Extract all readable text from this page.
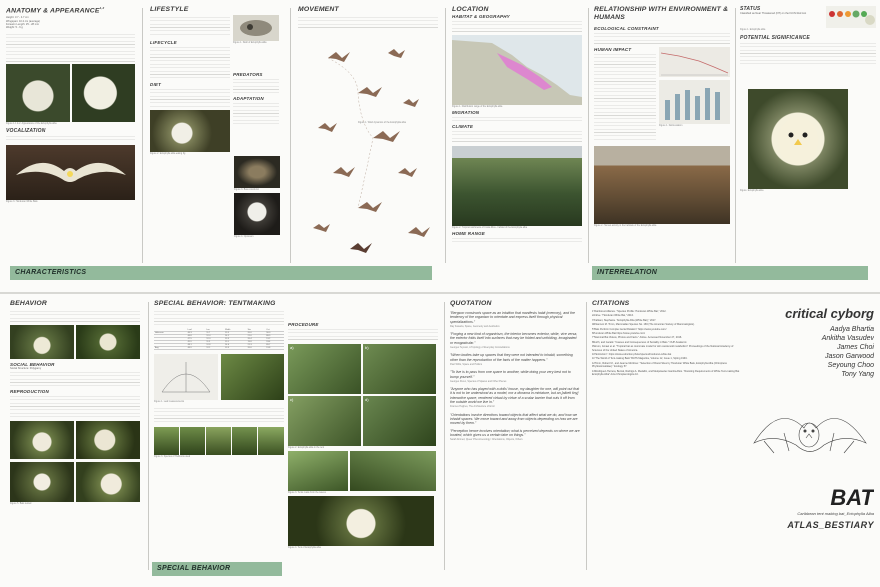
ANATOMY & APPEARANCE$^{1,2}$
Height: 3.7 - 4.7 cm
Wingspan: 10.2 cm (average)
Forearm Length: 25 - 28 mm
Weight: 5 - 6 g
Figure 1.1 & 2. Appearance of the Ectophylla alba
VOCALIZATION
Figure 3. Honduran White Bats
LIFESTYLE
LIFECYCLE
DIET
Figure 2. Ectophylla alba eating fig
Figure 1. Skull of Ectophylla alba
PREDATORS
ADAPTATION
Figure 3. Boa constrictor
Figure 4. Opossum
MOVEMENT
Figure 1. Wind dynamics of the Ectophylla alba
LOCATION
HABITAT & GEOGRAPHY
Figure 1. Distribution range of the Ectophylla alba
MIGRATION
CLIMATE
Figure 2. Tropical rainforests of Costa Rica - habitat of the Ectophylla alba
HOME RANGE
RELATIONSHIP WITH ENVIRONMENT & HUMANS
ECOLOGICAL CONSTRAINT
HUMAN IMPACT
Figure 1. Deforestation
Figure 2. Human activity in the habitats of the Ectophylla alba
STATUS
Classified as Near Threatened (NT) on the IUCN Red List
Figure 1. Ectophylla alba
POTENTIAL SIGNIFICANCE
Figure. Ectophylla alba
CHARACTERISTICS	INTERRELATION
BEHAVIOR
SOCIAL BEHAVIOR
Social Structure: Polygamy
REPRODUCTION
Figure 5. Bats tented
SPECIAL BEHAVIOR: TENTMAKING
	Leaf	Len	Width	Sta	Cut
Heliconia	46.3	11.7	13.5	20.6	96.0
	46.8	12.4	14.2	21.0	88.9
	47.5	12.0	13.9	20.4	91.2
	45.9	11.5	13.1	19.8	93.4
	48.1	12.8	14.6	21.3	89.7
Avg	46.9	12.1	13.9	20.6	91.8
Figure 1. Leaf measurements
Figure 3. Species of Heliconia used
PROCEDURE
a)	b)
c)	d)
Figure 2. Ectophylla alba in the tent
Figure 3. Tents made from the leaves
Figure 4. Tent of Ectophylla alba
QUOTATION
"Bergson constructs space as an intuition that manifests habit (memory), and the tendency of the organism to orientate and express itself through physical specializations."
Ray Kawaza, Space, Geometry and Aesthetics
"Forging a new kind of organicism, the interior becomes exterior, while, vice versa, the exterior folds itself into surfaces that may be folded and unfolding, invaginated or exogastrular."
Georges Teyssot, A Topology of Everyday Constellations
"When bodies take up spaces that they were not intended to inhabit, something other than the reproduction of the facts of the matter happens."
Paul Willis, Space and Politics
"To live is to pass from one space to another, while doing your very best not to bump yourself."
Georges Perec, Species of Spaces and Other Pieces
"Anyone who has played with a dolls' house, my daughter for one, will point out that it is not to be understood as a model, nor a diorama in miniature, but an [albeit tiny] interactive space, rendered virtual by virtue of a scalar barrier that cuts it off from the outside world we live in."
Frances Hughes, The Architecture of Error
"Orientations involve directions toward objects that affect what we do, and how we inhabit spaces. We move toward and away from objects depending on how we are moved by them."
"Perception hence involves orientation; what is perceived depends on where we are located, which gives us a certain take on things."
Sarah Ahmed, Queer Phenomenology: Orientations, Objects, Others
CITATIONS
1"Rainforest Alliance. "Species Profile: Honduran White Bat," 2012.
2Arkive. "Honduran White Bat," 2016.
3"Fabiani, Stephanie. "Ectophylla Alba (White Bat)," 2017.
4Rhiannon M. Timm, Mammalian Species No. 166 (The American Society of Mammalogists).
5"Bats Perform Complex Aerial Rotation" https://www.youtube.com/
6Honduran White Bat https://www.youtube.com/
7"Mammal Bat Videos, Photos and Facts." Arkive. Accessed November 27, 2016.
8North, and Gerald. "Causes and Consequences of Sociality in Bats." OUP Academic.
9Simon, Ismael et al. "Tropical bat as roommate model for skin carotenoid metabolism" Proceedings of the National Academy of Sciences of the United States of America.
10"Extinction". https://www.extinction.photo/species/honduran-white-bat
11"The World of Tent-making Bats" BATS Magazine, Volume 12, Issue 1, Spring 1994.
12Timm, Robert M., and Jeanne Mortimer. "Selection of Roost Sites by Honduran White Bats, Ectophylla Alba (Chiroptera: Phyllostomatidae)." Ecology 57.
13Rodriguez-Herrera, Bernal, Rodrigo A. Medellin, and Melquisedec Gamba-Rios. "Roosting Requirements of White Tent-making Bat Ectophylla Alba" Acta Chiropterologica 10.
critical cyborg
Aadya Bhartia
Ankitha Vasudev
James Choi
Jason Garwood
Seyoung Choo
Tony Yang
BAT
Caribbean tent making bat_Ectophylla Alba
ATLAS_BESTIARY
SPECIAL BEHAVIOR
